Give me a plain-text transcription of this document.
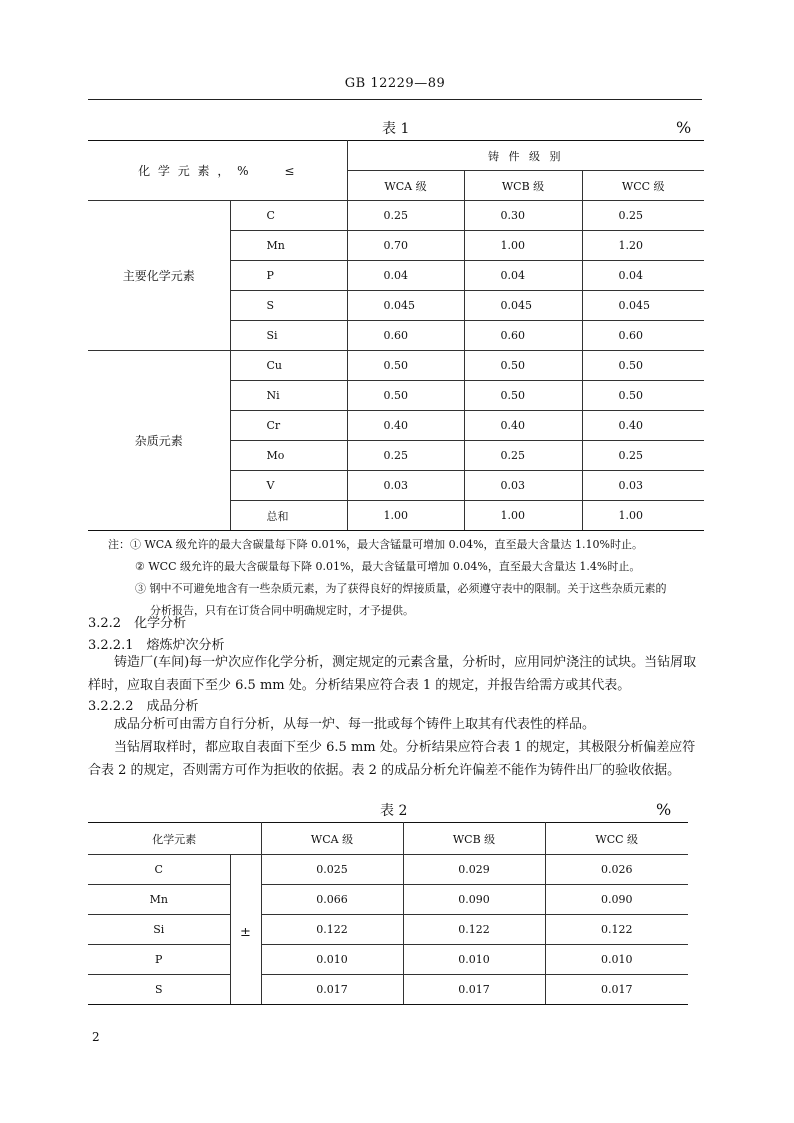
GB 12229—89
表 1	%
化 学 元 素 ， %　　 ≤		铸 件 级 别		
		WCA 级	WCB 级	WCC 级
主要化学元素	C	0.25	0.30	0.25
	Mn	0.70	1.00	1.20
	P	0.04	0.04	0.04
	S	0.045	0.045	0.045
	Si	0.60	0.60	0.60
杂质元素	Cu	0.50	0.50	0.50
	Ni	0.50	0.50	0.50
	Cr	0.40	0.40	0.40
	Mo	0.25	0.25	0.25
	V	0.03	0.03	0.03
	总和	1.00	1.00	1.00
注：① WCA 级允许的最大含碳量每下降 0.01%，最大含锰量可增加 0.04%，直至最大含量达 1.10%时止。
② WCC 级允许的最大含碳量每下降 0.01%，最大含锰量可增加 0.04%，直至最大含量达 1.4%时止。
③ 钢中不可避免地含有一些杂质元素，为了获得良好的焊接质量，必须遵守表中的限制。关于这些杂质元素的
分析报告，只有在订货合同中明确规定时，才予提供。
3.2.2　化学分析
3.2.2.1　熔炼炉次分析
铸造厂(车间)每一炉次应作化学分析，测定规定的元素含量，分析时，应用同炉浇注的试块。当钻屑取样时，应取自表面下至少 6.5 mm 处。分析结果应符合表 1 的规定，并报告给需方或其代表。
3.2.2.2　成品分析
成品分析可由需方自行分析，从每一炉、每一批或每个铸件上取其有代表性的样品。
当钻屑取样时，都应取自表面下至少 6.5 mm 处。分析结果应符合表 1 的规定，其极限分析偏差应符合表 2 的规定，否则需方可作为拒收的依据。表 2 的成品分析允许偏差不能作为铸件出厂的验收依据。
表 2	%
化学元素		WCA 级	WCB 级	WCC 级
C	±	0.025	0.029	0.026
Mn		0.066	0.090	0.090
Si		0.122	0.122	0.122
P		0.010	0.010	0.010
S		0.017	0.017	0.017
2
